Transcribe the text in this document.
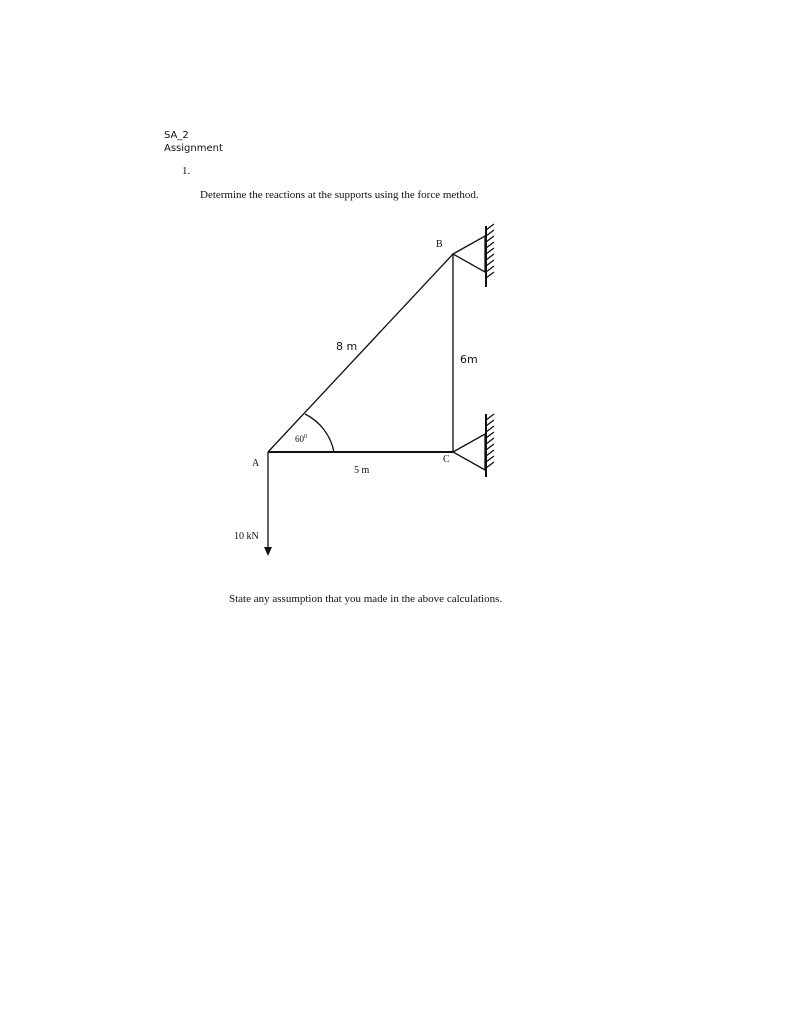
SA_2
Assignment
1.
Determine the reactions at the supports using the force method.
B
A	C
8 m
6m
5 m
$60^0$
10 kN
State any assumption that you made in the above calculations.
